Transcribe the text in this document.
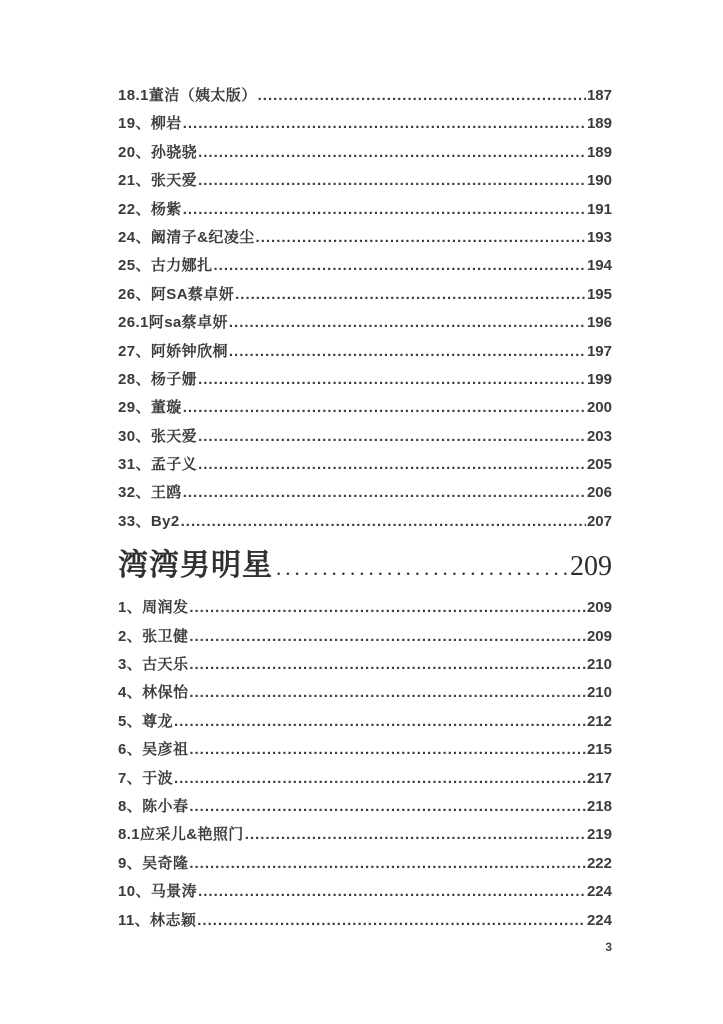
18.1董洁（姨太版） .....	187
19、柳岩 .....	189
20、孙骁骁 .....	189
21、张天爱 .....	190
22、杨紫 .....	191
24、阚清子&纪凌尘 .....	193
25、古力娜扎 .....	194
26、阿SA蔡卓妍 .....	195
26.1阿sa蔡卓妍 .....	196
27、阿娇钟欣桐 .....	197
28、杨子姗 .....	199
29、董璇 .....	200
30、张天爱 .....	203
31、孟子义 .....	205
32、王鸥 .....	206
33、By2 .....	207
湾湾男明星 .....	209
1、周润发 .....	209
2、张卫健 .....	209
3、古天乐 .....	210
4、林保怡 .....	210
5、尊龙 .....	212
6、吴彦祖 .....	215
7、于波 .....	217
8、陈小春 .....	218
8.1应采儿&艳照门 .....	219
9、吴奇隆 .....	222
10、马景涛 .....	224
11、林志颖 .....	224
3
